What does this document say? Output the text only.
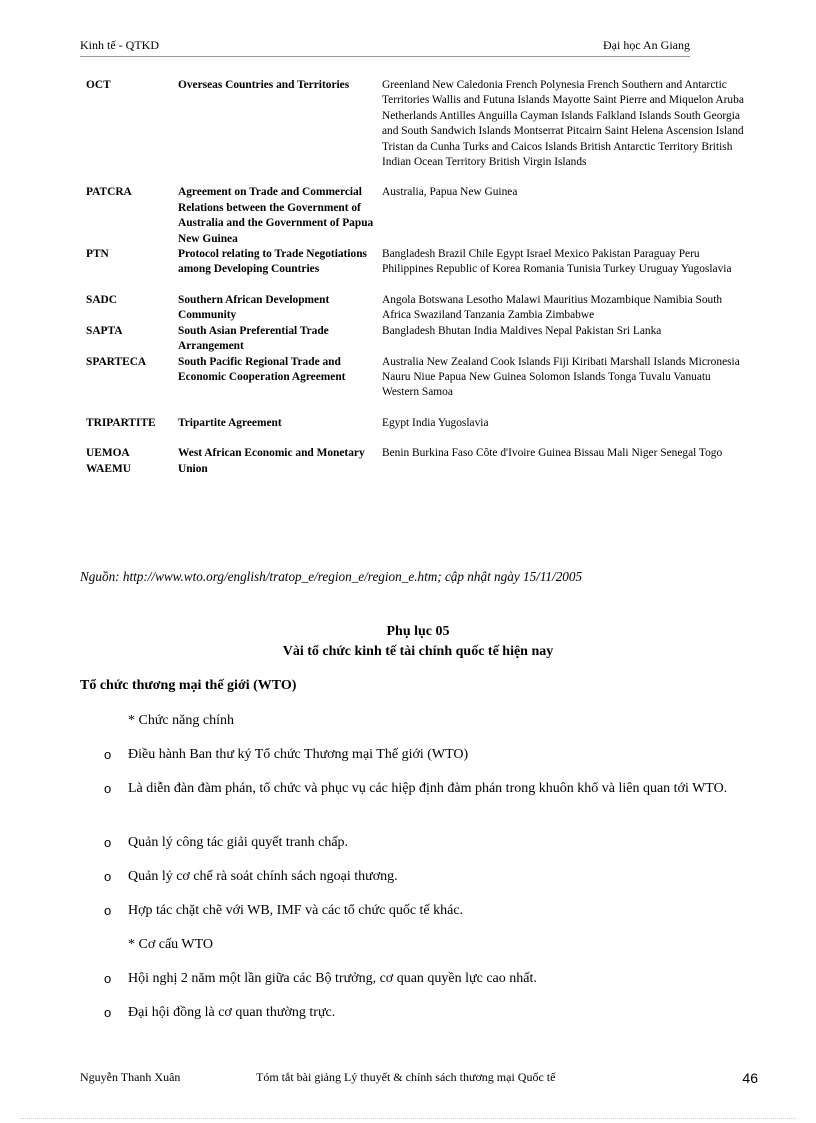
Kinh tế - QTKD	Đại học An Giang
OCT	Overseas Countries and Territories	Greenland New Caledonia French Polynesia French Southern and Antarctic Territories Wallis and Futuna Islands Mayotte Saint Pierre and Miquelon Aruba Netherlands Antilles Anguilla Cayman Islands Falkland Islands South Georgia and South Sandwich Islands Montserrat Pitcairn Saint Helena Ascension Island Tristan da Cunha Turks and Caicos Islands British Antarctic Territory British Indian Ocean Territory British Virgin Islands

PATCRA	Agreement on Trade and Commercial Relations between the Government of Australia and the Government of Papua New Guinea	Australia, Papua New Guinea

PTN	Protocol relating to Trade Negotiations among Developing Countries	Bangladesh Brazil Chile Egypt Israel Mexico Pakistan Paraguay Peru Philippines Republic of Korea Romania Tunisia Turkey Uruguay Yugoslavia

SADC	Southern African Development Community	Angola Botswana Lesotho Malawi Mauritius Mozambique Namibia South Africa Swaziland Tanzania Zambia Zimbabwe

SAPTA	South Asian Preferential Trade Arrangement	Bangladesh Bhutan India Maldives Nepal Pakistan Sri Lanka

SPARTECA	South Pacific Regional Trade and Economic Cooperation Agreement	Australia New Zealand Cook Islands Fiji Kiribati Marshall Islands Micronesia Nauru Niue Papua New Guinea Solomon Islands Tonga Tuvalu Vanuatu Western Samoa

TRIPARTITE	Tripartite Agreement	Egypt India Yugoslavia

UEMOA
WAEMU	West African Economic and Monetary Union	Benin Burkina Faso Côte d'Ivoire Guinea Bissau Mali Niger Senegal Togo
Nguồn: http://www.wto.org/english/tratop_e/region_e/region_e.htm; cập nhật ngày 15/11/2005
Phụ lục 05
Vài tổ chức kinh tế tài chính quốc tế hiện nay
Tổ chức thương mại thế giới (WTO)
* Chức năng chính
o Điều hành Ban thư ký Tổ chức Thương mại Thế giới (WTO)
o Là diễn đàn đàm phán, tổ chức và phục vụ các hiệp định đàm phán trong khuôn khổ và liên quan tới WTO.
o Quản lý công tác giải quyết tranh chấp.
o Quản lý cơ chế rà soát chính sách ngoại thương.
o Hợp tác chặt chẽ với WB, IMF và các tổ chức quốc tế khác.
* Cơ cấu WTO
o Hội nghị 2 năm một lần giữa các Bộ trưởng, cơ quan quyền lực cao nhất.
o Đại hội đồng là cơ quan thường trực.
Nguyễn Thanh Xuân	Tóm tắt bài giảng Lý thuyết & chính sách thương mại Quốc tế	46
